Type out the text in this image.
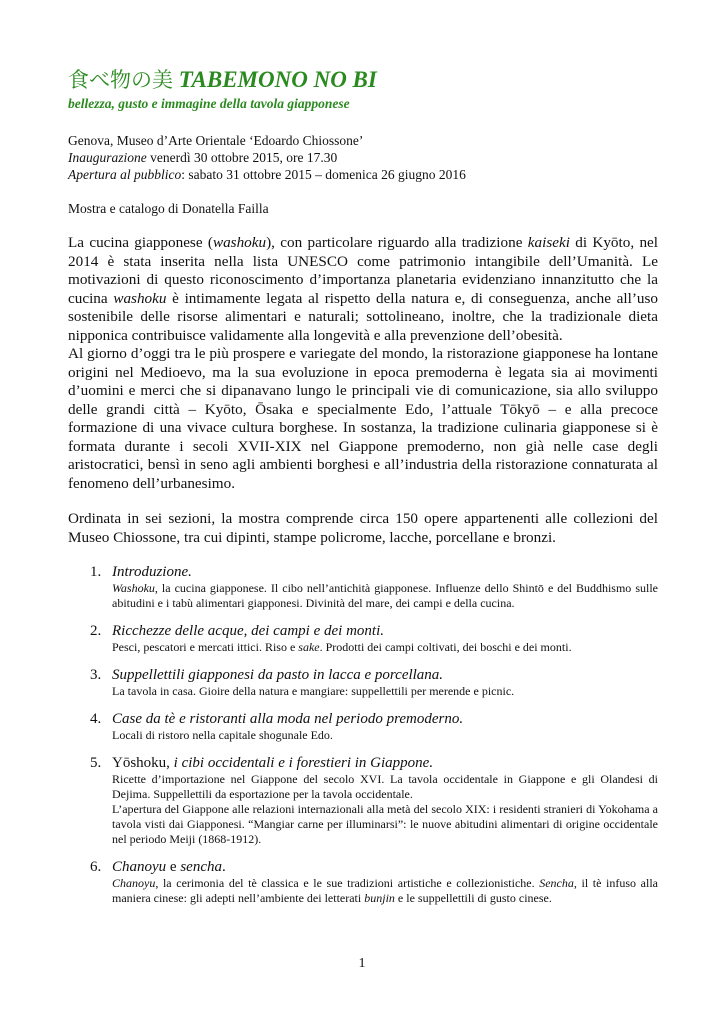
食べ物の美 TABEMONO NO BI
bellezza, gusto e immagine della tavola giapponese
Genova, Museo d’Arte Orientale ‘Edoardo Chiossone’
Inaugurazione venerdì 30 ottobre 2015, ore 17.30
Apertura al pubblico: sabato 31 ottobre 2015 – domenica 26 giugno 2016
Mostra e catalogo di Donatella Failla

La cucina giapponese (washoku), con particolare riguardo alla tradizione kaiseki di Kyōto, nel 2014 è stata inserita nella lista UNESCO come patrimonio intangibile dell’Umanità. Le motivazioni di questo riconoscimento d’importanza planetaria evidenziano innanzitutto che la cucina washoku è intimamente legata al rispetto della natura e, di conseguenza, anche all’uso sostenibile delle risorse alimentari e naturali; sottolineano, inoltre, che la tradizionale dieta nipponica contribuisce validamente alla longevità e alla prevenzione dell’obesità.

Al giorno d’oggi tra le più prospere e variegate del mondo, la ristorazione giapponese ha lontane origini nel Medioevo, ma la sua evoluzione in epoca premoderna è legata sia ai movimenti d’uomini e merci che si dipanavano lungo le principali vie di comunicazione, sia allo sviluppo delle grandi città – Kyōto, Ōsaka e specialmente Edo, l’attuale Tōkyō – e alla precoce formazione di una vivace cultura borghese. In sostanza, la tradizione culinaria giapponese si è formata durante i secoli XVII-XIX nel Giappone premoderno, non già nelle case degli aristocratici, bensì in seno agli ambienti borghesi e all’industria della ristorazione connaturata al fenomeno dell’urbanesimo.

Ordinata in sei sezioni, la mostra comprende circa 150 opere appartenenti alle collezioni del Museo Chiossone, tra cui dipinti, stampe policrome, lacche, porcellane e bronzi.

1. Introduzione.
Washoku, la cucina giapponese. Il cibo nell’antichità giapponese. Influenze dello Shintō e del Buddhismo sulle abitudini e i tabù alimentari giapponesi. Divinità del mare, dei campi e della cucina.
2. Ricchezze delle acque, dei campi e dei monti.
Pesci, pescatori e mercati ittici. Riso e sake. Prodotti dei campi coltivati, dei boschi e dei monti.
3. Suppellettili giapponesi da pasto in lacca e porcellana.
La tavola in casa. Gioire della natura e mangiare: suppellettili per merende e picnic.
4. Case da tè e ristoranti alla moda nel periodo premoderno.
Locali di ristoro nella capitale shogunale Edo.
5. Yōshoku, i cibi occidentali e i forestieri in Giappone.
Ricette d’importazione nel Giappone del secolo XVI. La tavola occidentale in Giappone e gli Olandesi di Dejima. Suppellettili da esportazione per la tavola occidentale.
L’apertura del Giappone alle relazioni internazionali alla metà del secolo XIX: i residenti stranieri di Yokohama a tavola visti dai Giapponesi. “Mangiar carne per illuminarsi”: le nuove abitudini alimentari di origine occidentale nel periodo Meiji (1868-1912).
6. Chanoyu e sencha.
Chanoyu, la cerimonia del tè classica e le sue tradizioni artistiche e collezionistiche. Sencha, il tè infuso alla maniera cinese: gli adepti nell’ambiente dei letterati bunjin e le suppellettili di gusto cinese.
1
